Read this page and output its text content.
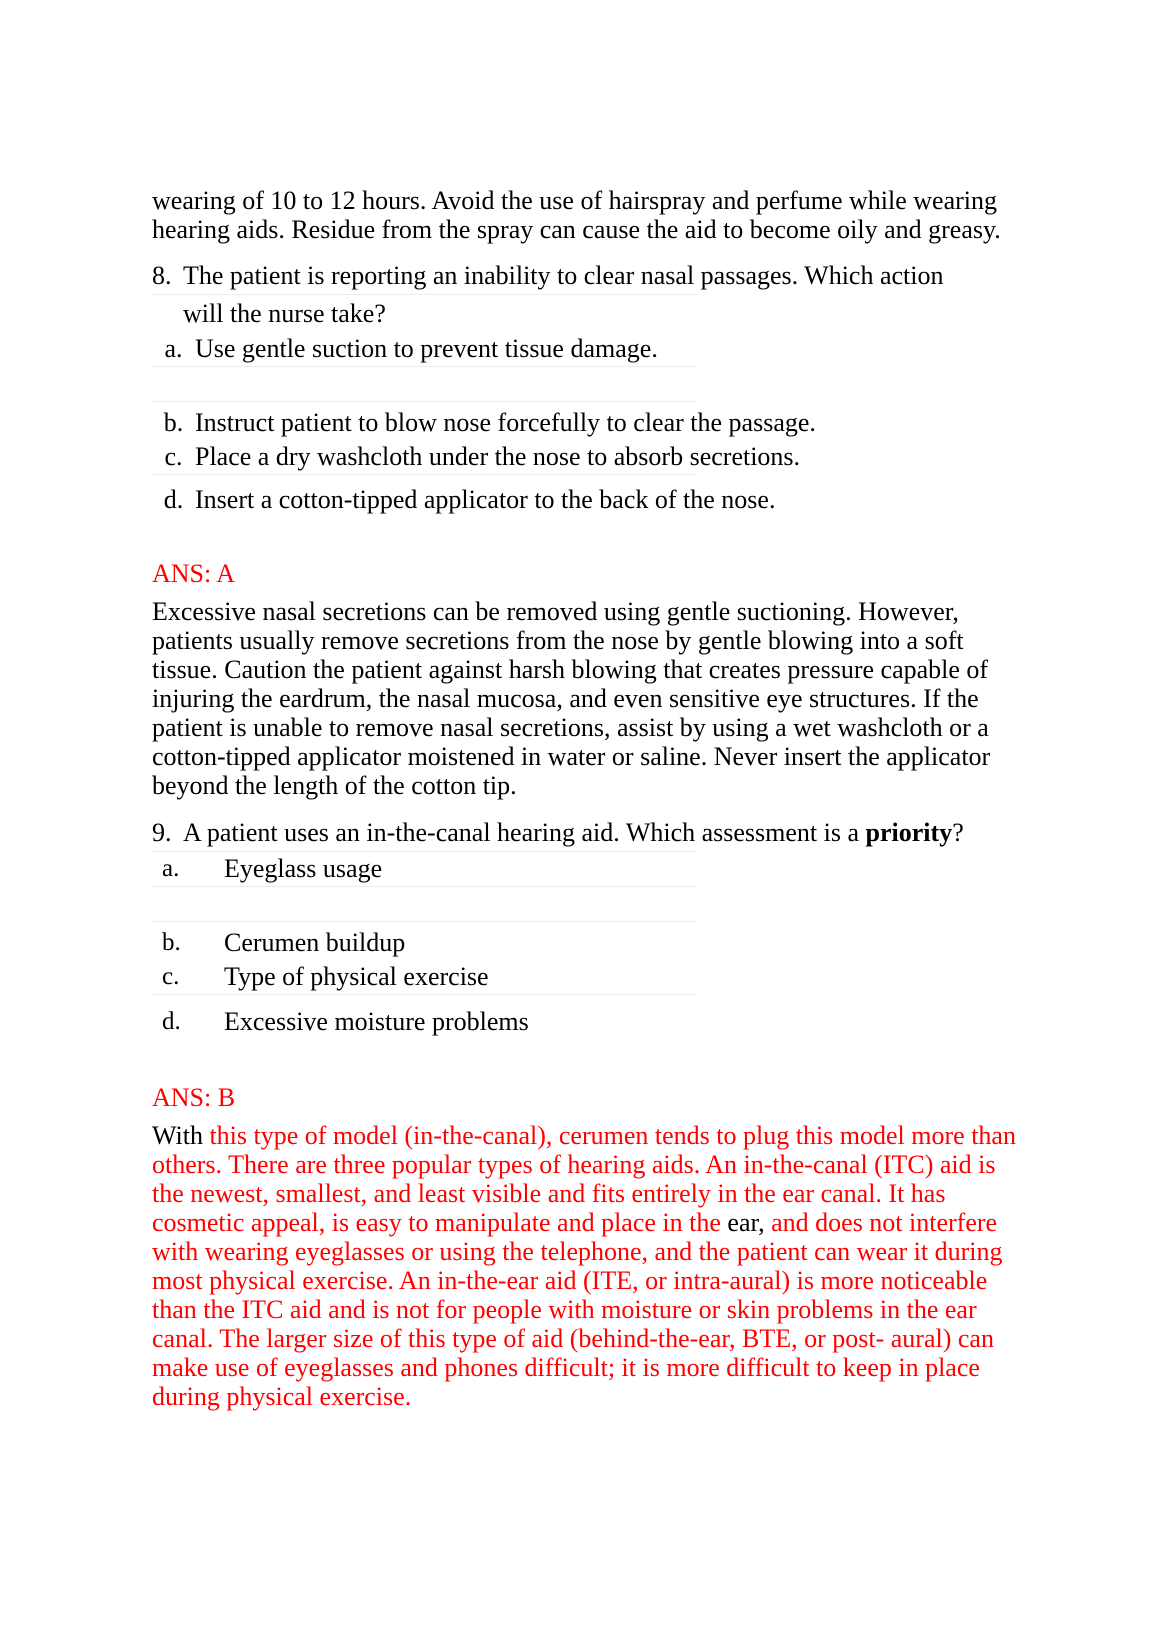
wearing of 10 to 12 hours. Avoid the use of hairspray and perfume while wearing hearing aids. Residue from the spray can cause the aid to become oily and greasy.

8. The patient is reporting an inability to clear nasal passages. Which action
will the nurse take?
a. Use gentle suction to prevent tissue damage.
b. Instruct patient to blow nose forcefully to clear the passage.
c. Place a dry washcloth under the nose to absorb secretions.
d. Insert a cotton-tipped applicator to the back of the nose.

ANS: A

Excessive nasal secretions can be removed using gentle suctioning. However, patients usually remove secretions from the nose by gentle blowing into a soft tissue. Caution the patient against harsh blowing that creates pressure capable of injuring the eardrum, the nasal mucosa, and even sensitive eye structures. If the patient is unable to remove nasal secretions, assist by using a wet washcloth or a cotton-tipped applicator moistened in water or saline. Never insert the applicator beyond the length of the cotton tip.

9. A patient uses an in-the-canal hearing aid. Which assessment is a priority?
a.	Eyeglass usage
b.	Cerumen buildup
c.	Type of physical exercise
d.	Excessive moisture problems

ANS: B

With this type of model (in-the-canal), cerumen tends to plug this model more than others. There are three popular types of hearing aids. An in-the-canal (ITC) aid is the newest, smallest, and least visible and fits entirely in the ear canal. It has cosmetic appeal, is easy to manipulate and place in the ear, and does not interfere with wearing eyeglasses or using the telephone, and the patient can wear it during most physical exercise. An in-the-ear aid (ITE, or intra-aural) is more noticeable than the ITC aid and is not for people with moisture or skin problems in the ear canal. The larger size of this type of aid (behind-the-ear, BTE, or post- aural) can make use of eyeglasses and phones difficult; it is more difficult to keep in place during physical exercise.
